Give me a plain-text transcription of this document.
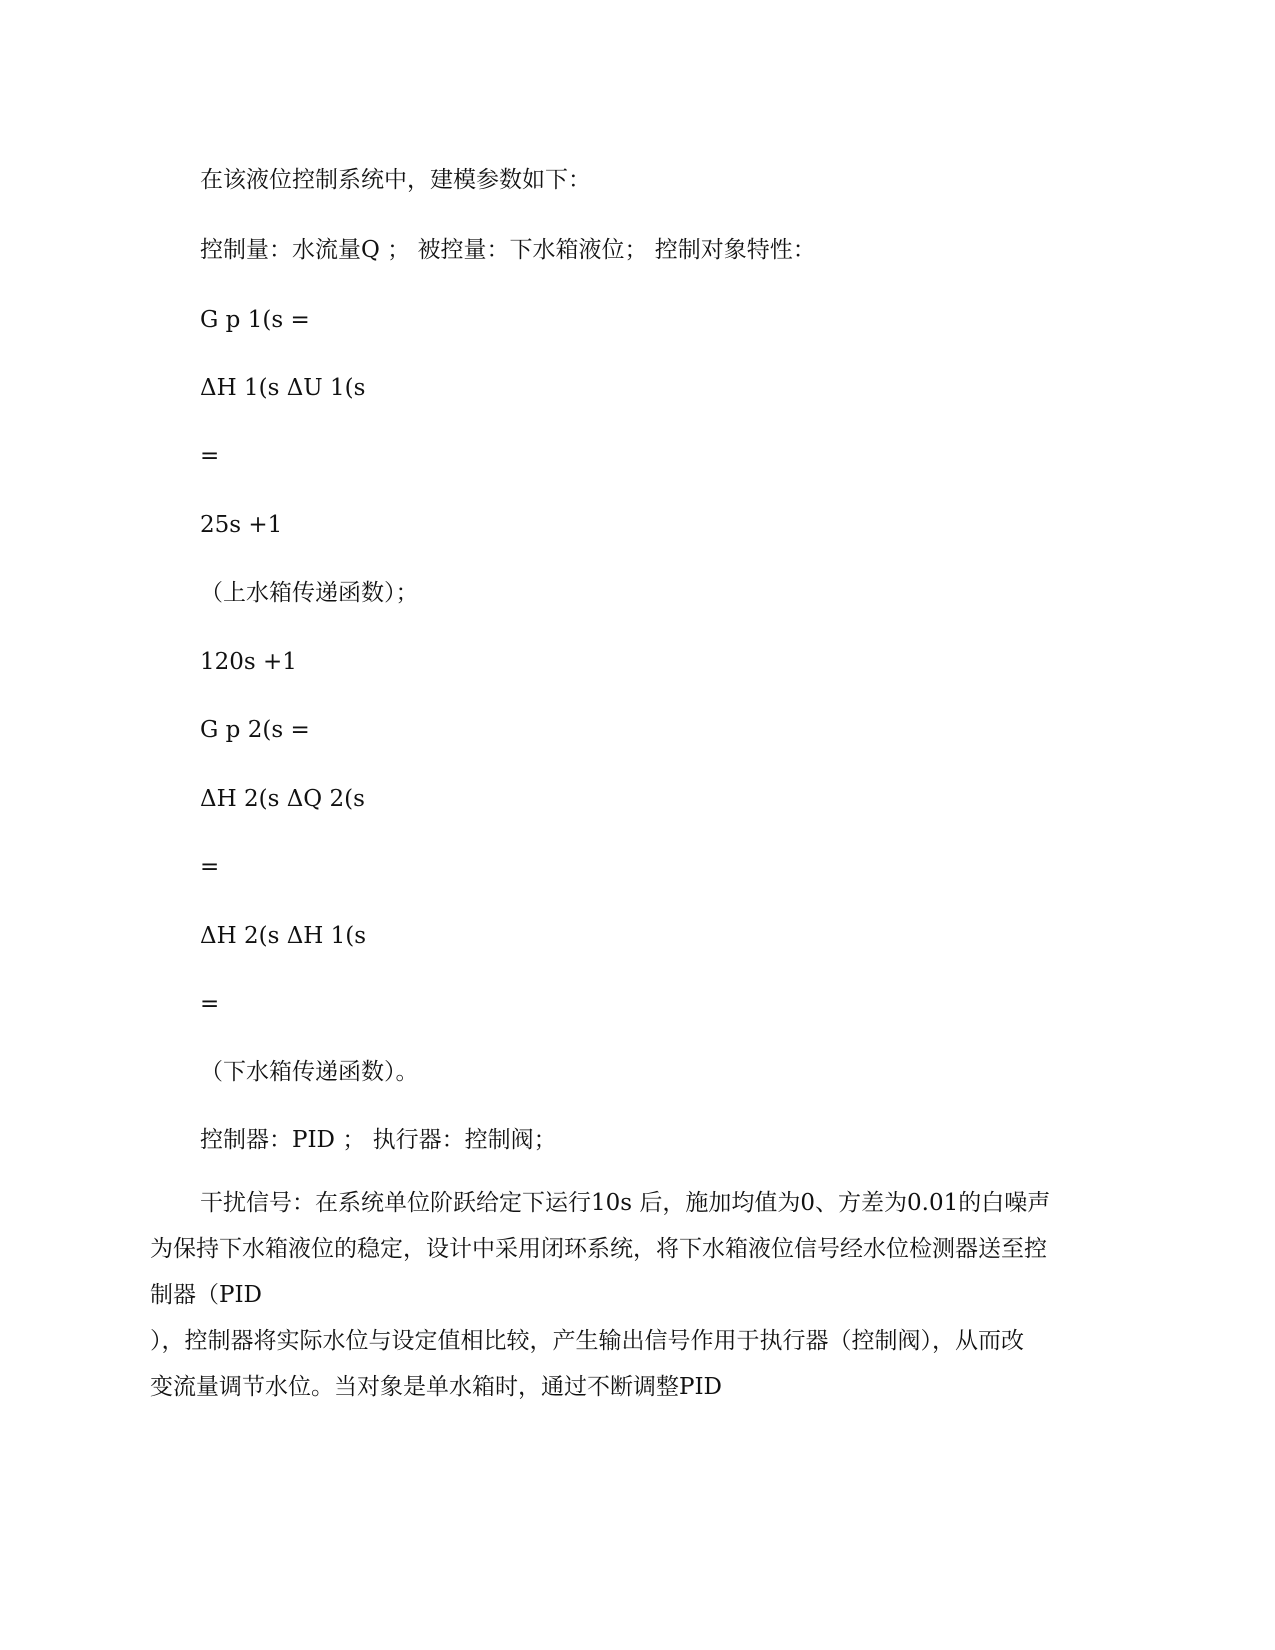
在该液位控制系统中，建模参数如下：
控制量：水流量Q ； 被控量：下水箱液位； 控制对象特性：
G p 1(s =
ΔH 1(s ΔU 1(s
=
25s +1
（上水箱传递函数）；
120s +1
G p 2(s =
ΔH 2(s ΔQ 2(s
=
ΔH 2(s ΔH 1(s
=
（下水箱传递函数）。
控制器：PID ； 执行器：控制阀；
干扰信号：在系统单位阶跃给定下运行10s 后，施加均值为0、方差为0.01的白噪声
为保持下水箱液位的稳定，设计中采用闭环系统，将下水箱液位信号经水位检测器送至控
制器（PID
），控制器将实际水位与设定值相比较，产生输出信号作用于执行器（控制阀），从而改
变流量调节水位。当对象是单水箱时，通过不断调整PID
